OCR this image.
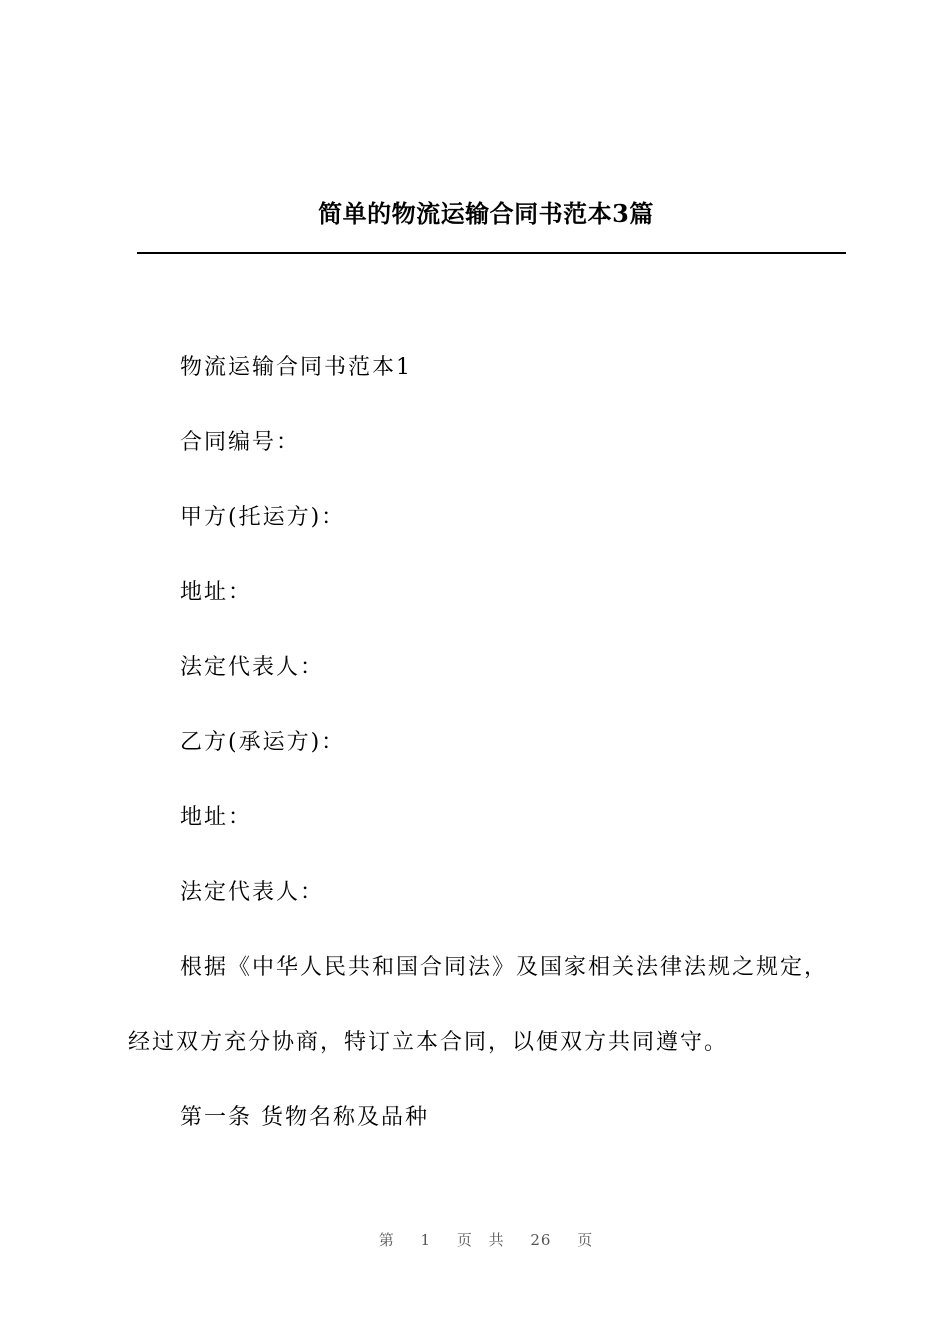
简单的物流运输合同书范本3篇

物流运输合同书范本1

合同编号：

甲方(托运方)：

地址：

法定代表人：

乙方(承运方)：

地址：

法定代表人：

根据《中华人民共和国合同法》及国家相关法律法规之规定，

经过双方充分协商，特订立本合同，以便双方共同遵守。

第一条 货物名称及品种

第 1 页 共 26 页
